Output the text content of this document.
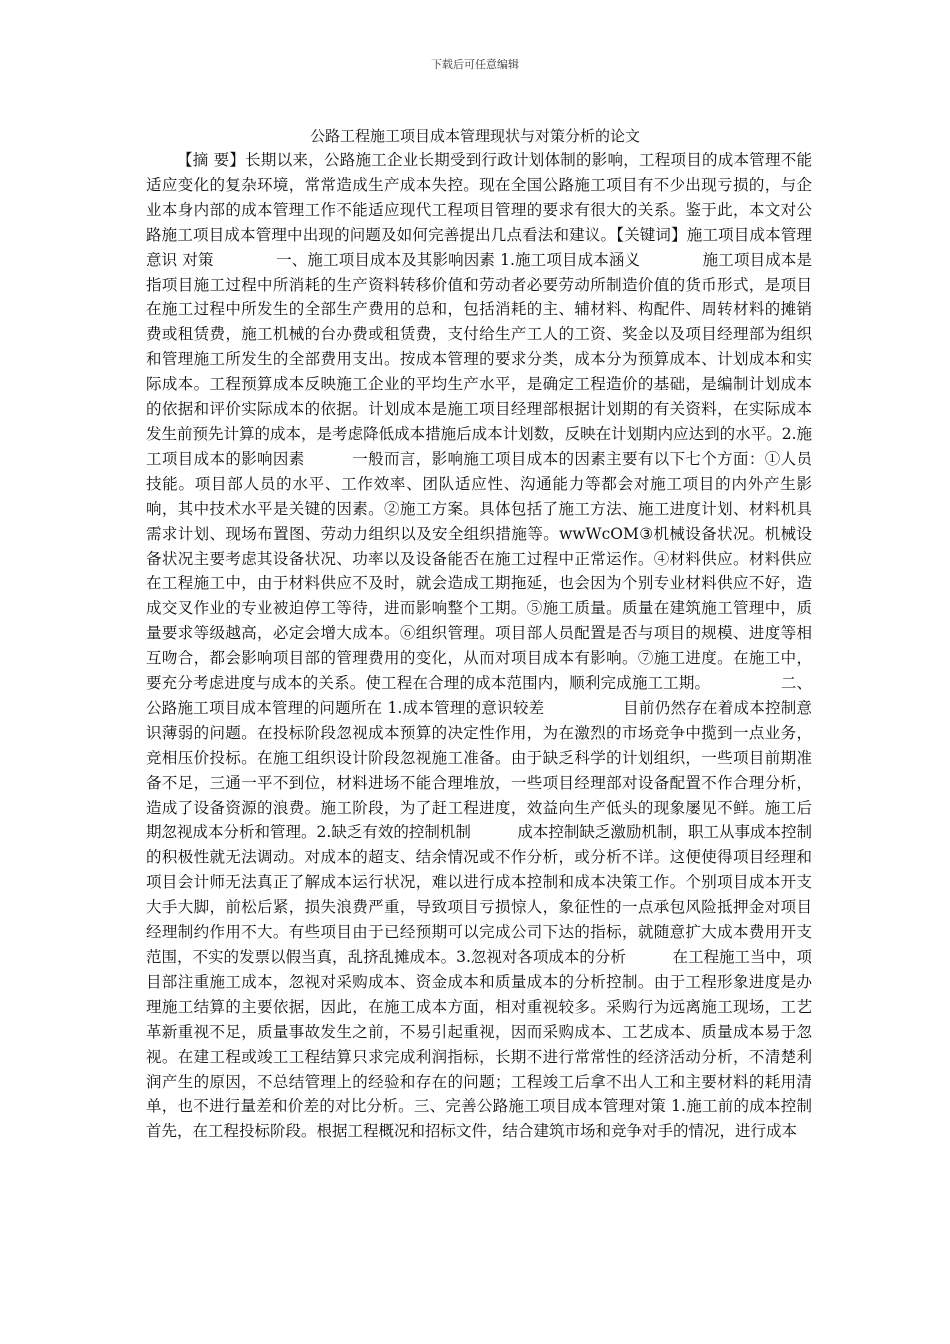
下载后可任意编辑
公路工程施工项目成本管理现状与对策分析的论文

【摘 要】长期以来，公路施工企业长期受到行政计划体制的影响，工程项目的成本管理不能适应变化的复杂环境，常常造成生产成本失控。现在全国公路施工项目有不少出现亏损的，与企业本身内部的成本管理工作不能适应现代工程项目管理的要求有很大的关系。鉴于此，本文对公路施工项目成本管理中出现的问题及如何完善提出几点看法和建议。【关键词】施工项目成本管理 意识 对策　　　　一、施工项目成本及其影响因素 1.施工项目成本涵义　　　　施工项目成本是指项目施工过程中所消耗的生产资料转移价值和劳动者必要劳动所制造价值的货币形式，是项目在施工过程中所发生的全部生产费用的总和，包括消耗的主、辅材料、构配件、周转材料的摊销费或租赁费，施工机械的台办费或租赁费，支付给生产工人的工资、奖金以及项目经理部为组织和管理施工所发生的全部费用支出。按成本管理的要求分类，成本分为预算成本、计划成本和实际成本。工程预算成本反映施工企业的平均生产水平，是确定工程造价的基础，是编制计划成本的依据和评价实际成本的依据。计划成本是施工项目经理部根据计划期的有关资料，在实际成本发生前预先计算的成本，是考虑降低成本措施后成本计划数，反映在计划期内应达到的水平。2.施工项目成本的影响因素　　　一般而言，影响施工项目成本的因素主要有以下七个方面：①人员技能。项目部人员的水平、工作效率、团队适应性、沟通能力等都会对施工项目的内外产生影响，其中技术水平是关键的因素。②施工方案。具体包括了施工方法、施工进度计划、材料机具需求计划、现场布置图、劳动力组织以及安全组织措施等。wwWcOM③机械设备状况。机械设备状况主要考虑其设备状况、功率以及设备能否在施工过程中正常运作。④材料供应。材料供应在工程施工中，由于材料供应不及时，就会造成工期拖延，也会因为个别专业材料供应不好，造成交叉作业的专业被迫停工等待，进而影响整个工期。⑤施工质量。质量在建筑施工管理中，质量要求等级越高，必定会增大成本。⑥组织管理。项目部人员配置是否与项目的规模、进度等相互吻合，都会影响项目部的管理费用的变化，从而对项目成本有影响。⑦施工进度。在施工中，要充分考虑进度与成本的关系。使工程在合理的成本范围内，顺利完成施工工期。　　　　　二、公路施工项目成本管理的问题所在 1.成本管理的意识较差　　　　　目前仍然存在着成本控制意识薄弱的问题。在投标阶段忽视成本预算的决定性作用，为在激烈的市场竞争中揽到一点业务，竞相压价投标。在施工组织设计阶段忽视施工准备。由于缺乏科学的计划组织，一些项目前期准备不足，三通一平不到位，材料进场不能合理堆放，一些项目经理部对设备配置不作合理分析，造成了设备资源的浪费。施工阶段，为了赶工程进度，效益向生产低头的现象屡见不鲜。施工后期忽视成本分析和管理。2.缺乏有效的控制机制　　　成本控制缺乏激励机制，职工从事成本控制的积极性就无法调动。对成本的超支、结余情况或不作分析，或分析不详。这便使得项目经理和项目会计师无法真正了解成本运行状况，难以进行成本控制和成本决策工作。个别项目成本开支大手大脚，前松后紧，损失浪费严重，导致项目亏损惊人，象征性的一点承包风险抵押金对项目经理制约作用不大。有些项目由于已经预期可以完成公司下达的指标，就随意扩大成本费用开支范围，不实的发票以假当真，乱挤乱摊成本。3.忽视对各项成本的分析　　　在工程施工当中，项目部注重施工成本，忽视对采购成本、资金成本和质量成本的分析控制。由于工程形象进度是办理施工结算的主要依据，因此，在施工成本方面，相对重视较多。采购行为远离施工现场，工艺革新重视不足，质量事故发生之前，不易引起重视，因而采购成本、工艺成本、质量成本易于忽视。在建工程或竣工工程结算只求完成利润指标，长期不进行常常性的经济活动分析，不清楚利润产生的原因，不总结管理上的经验和存在的问题；工程竣工后拿不出人工和主要材料的耗用清单，也不进行量差和价差的对比分析。三、完善公路施工项目成本管理对策 1.施工前的成本控制　　　首先，在工程投标阶段。根据工程概况和招标文件，结合建筑市场和竞争对手的情况，进行成本
